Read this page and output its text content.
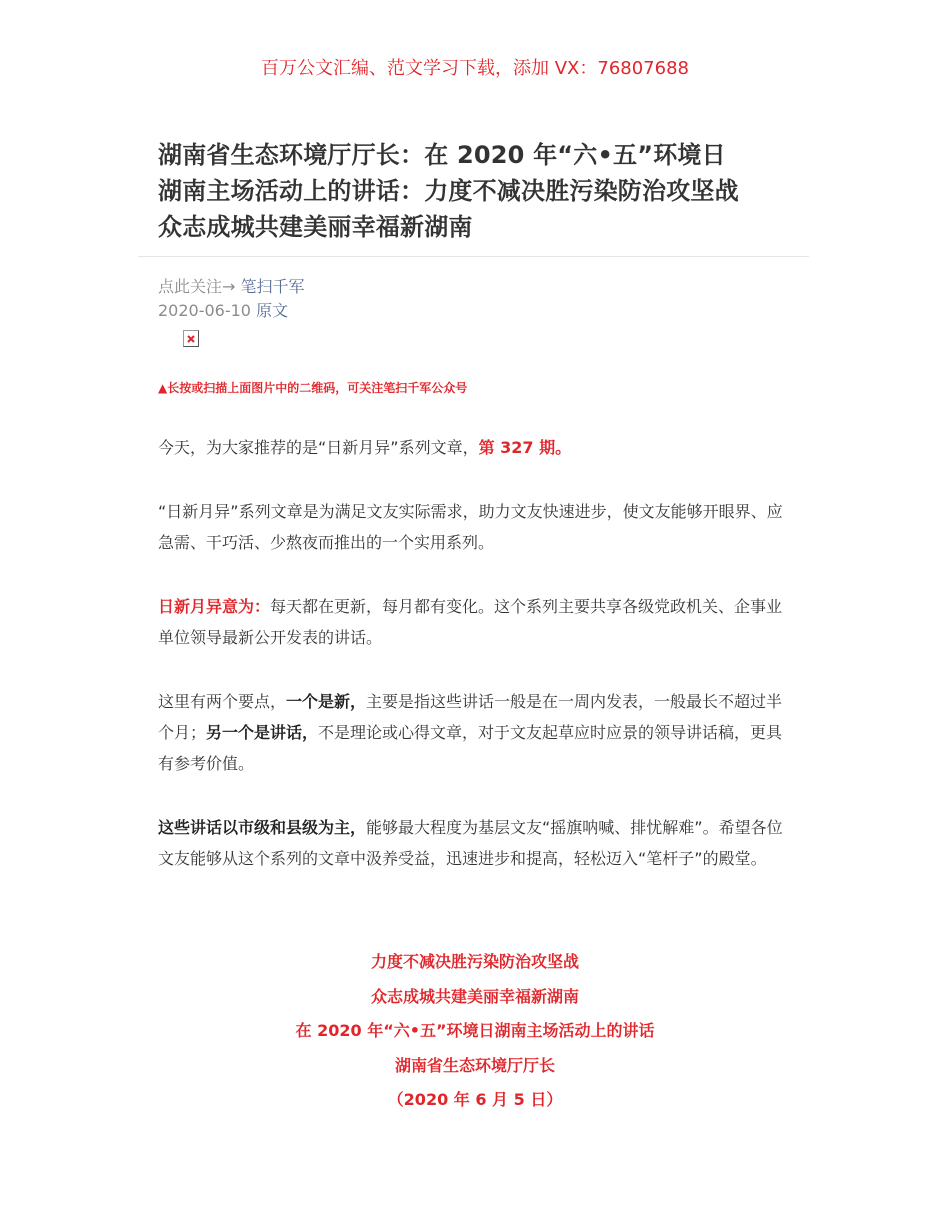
百万公文汇编、范文学习下载，添加 VX：76807688
湖南省生态环境厅厅长：在 2020 年“六•五”环境日
湖南主场活动上的讲话：力度不减决胜污染防治攻坚战
众志成城共建美丽幸福新湖南
点此关注→ 笔扫千军
2020-06-10 原文
▲长按或扫描上面图片中的二维码，可关注笔扫千军公众号

今天，为大家推荐的是“日新月异”系列文章，第 327 期。

“日新月异”系列文章是为满足文友实际需求，助力文友快速进步，使文友能够开眼界、应急需、干巧活、少熬夜而推出的一个实用系列。

日新月异意为：每天都在更新，每月都有变化。这个系列主要共享各级党政机关、企事业单位领导最新公开发表的讲话。

这里有两个要点，一个是新，主要是指这些讲话一般是在一周内发表，一般最长不超过半个月；另一个是讲话，不是理论或心得文章，对于文友起草应时应景的领导讲话稿，更具有参考价值。

这些讲话以市级和县级为主，能够最大程度为基层文友“摇旗呐喊、排忧解难”。希望各位文友能够从这个系列的文章中汲养受益，迅速进步和提高，轻松迈入“笔杆子”的殿堂。

力度不减决胜污染防治攻坚战
众志成城共建美丽幸福新湖南
在 2020 年“六•五”环境日湖南主场活动上的讲话
湖南省生态环境厅厅长
（2020 年 6 月 5 日）
